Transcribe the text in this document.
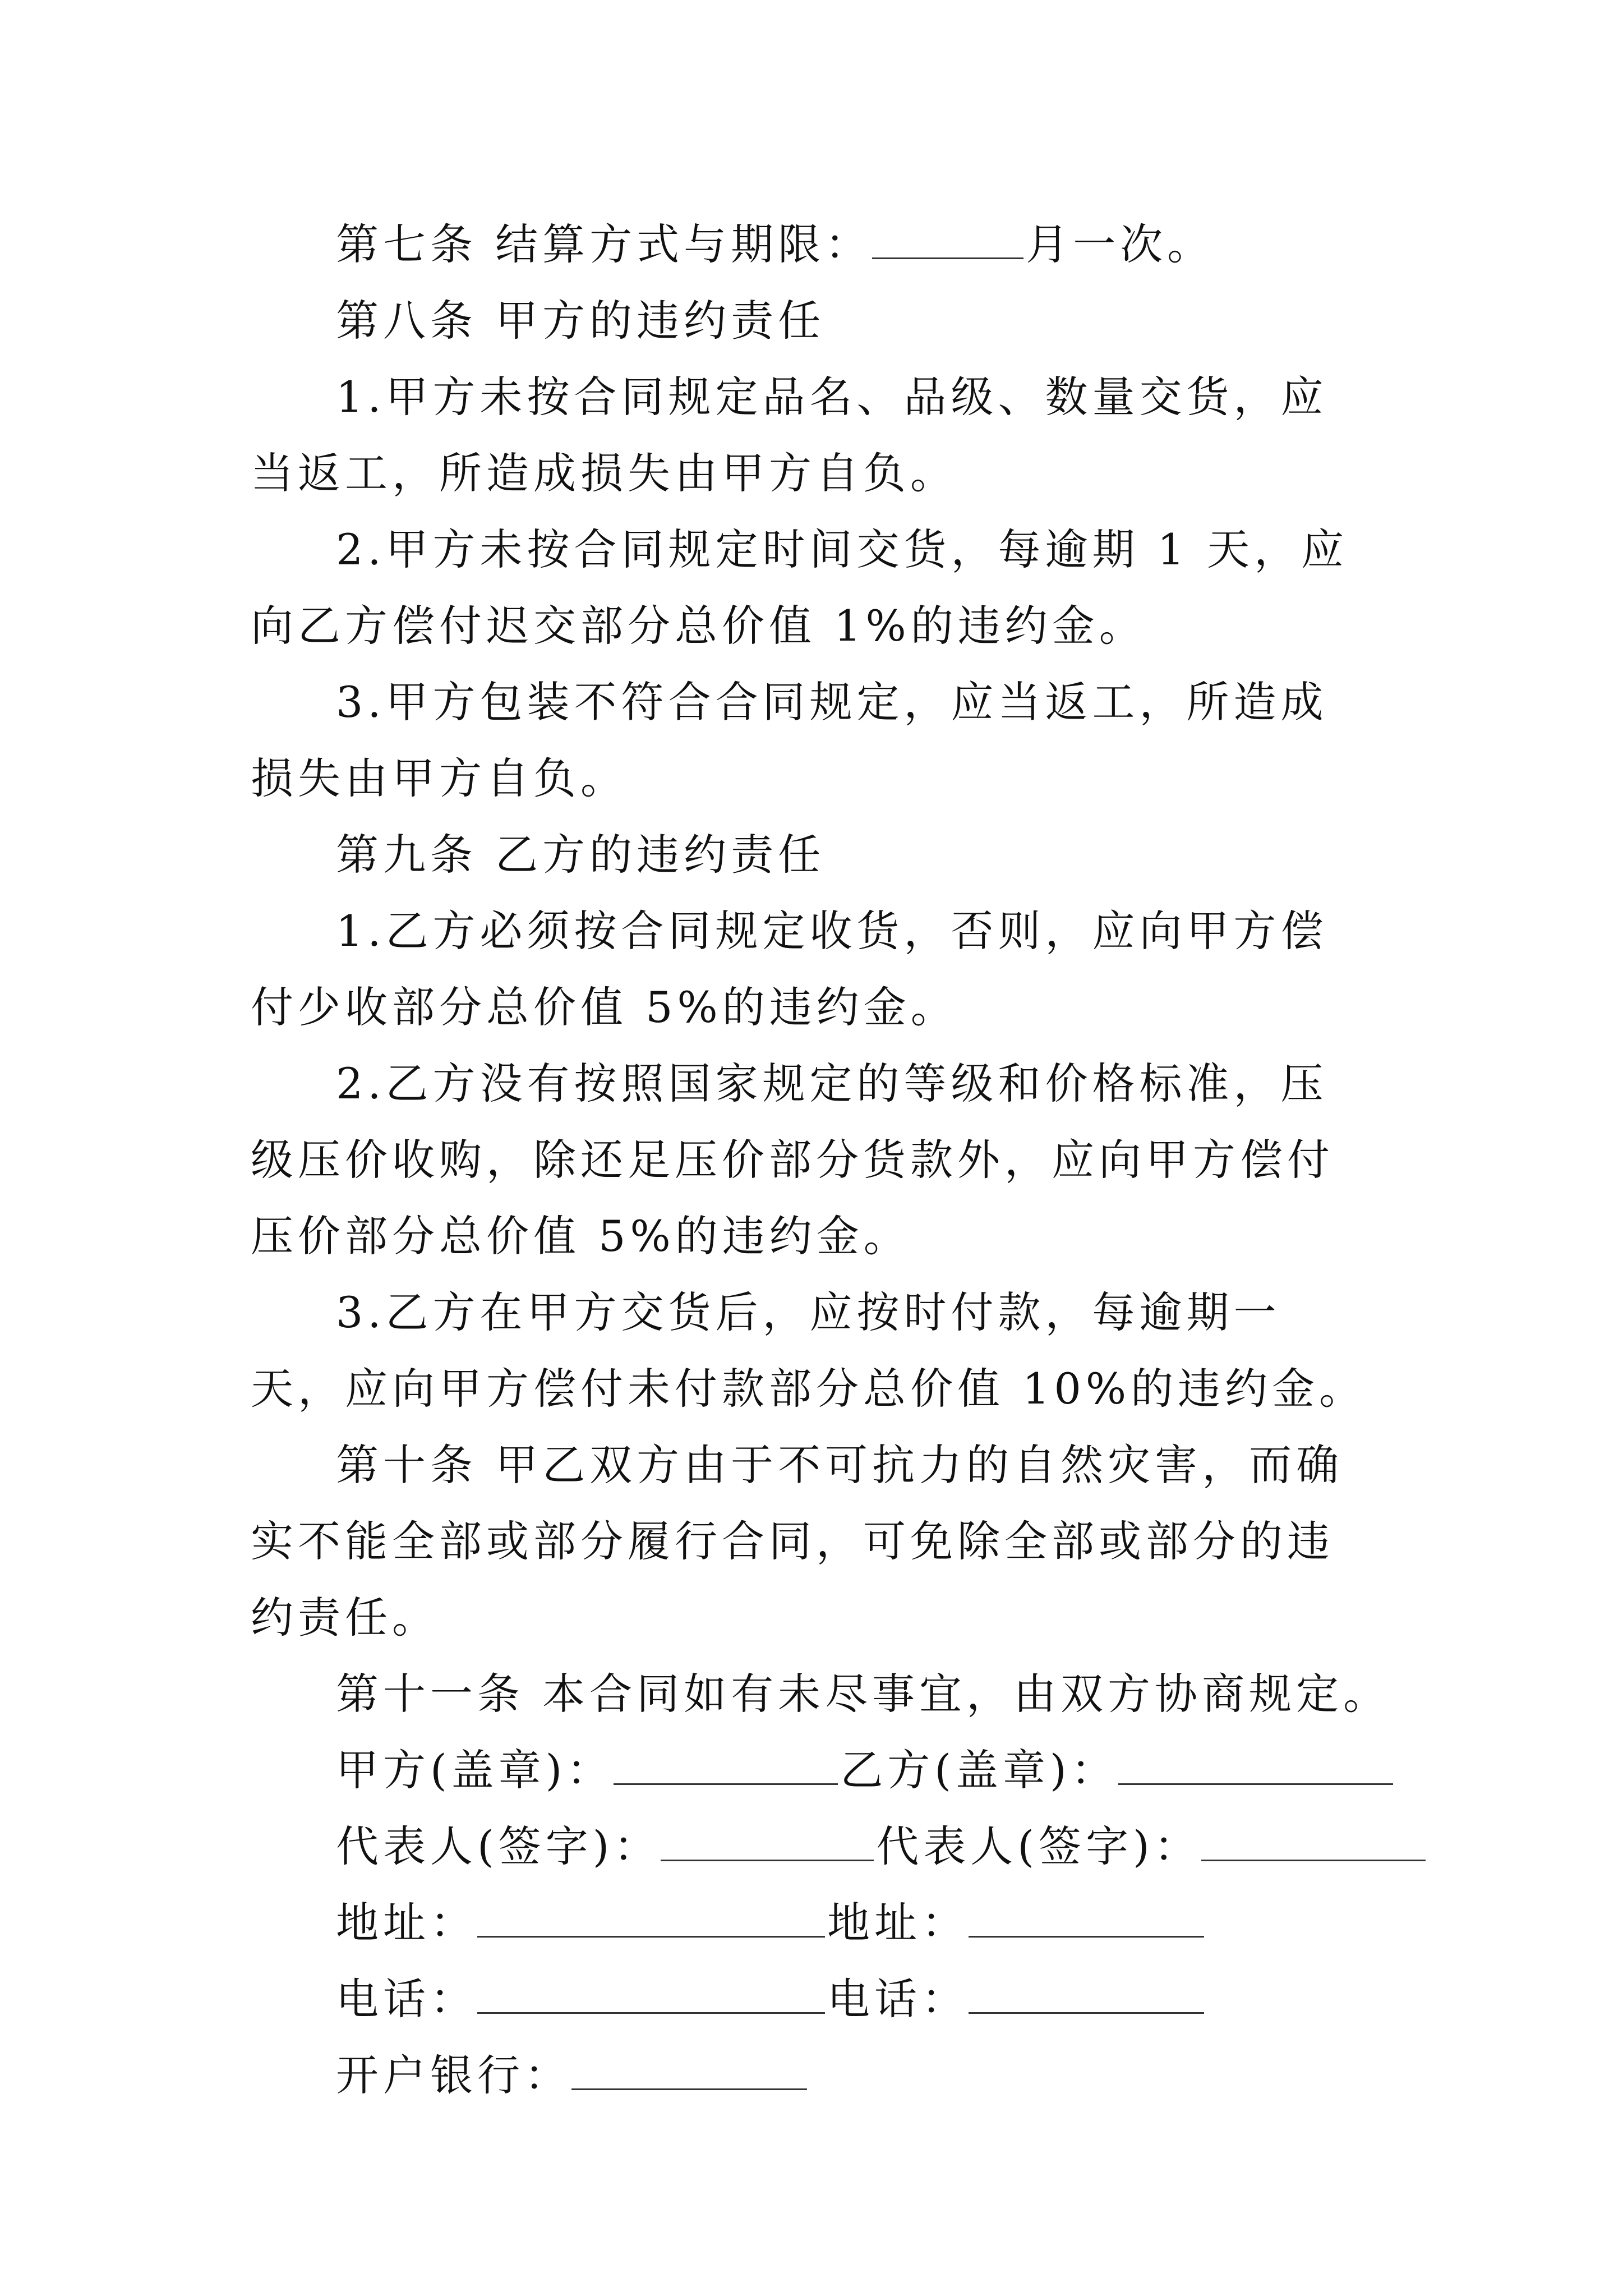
第七条 结算方式与期限：	月一次。

第八条 甲方的违约责任

1.甲方未按合同规定品名、品级、数量交货，应当返工，所造成损失由甲方自负。

2.甲方未按合同规定时间交货，每逾期 1 天，应向乙方偿付迟交部分总价值 1%的违约金。

3.甲方包装不符合合同规定，应当返工，所造成损失由甲方自负。

第九条 乙方的违约责任

1.乙方必须按合同规定收货，否则，应向甲方偿付少收部分总价值 5%的违约金。

2.乙方没有按照国家规定的等级和价格标准，压级压价收购，除还足压价部分货款外，应向甲方偿付压价部分总价值 5%的违约金。

3.乙方在甲方交货后，应按时付款，每逾期一天，应向甲方偿付未付款部分总价值 10%的违约金。

第十条 甲乙双方由于不可抗力的自然灾害，而确实不能全部或部分履行合同，可免除全部或部分的违约责任。

第十一条 本合同如有未尽事宜，由双方协商规定。

甲方(盖章)：	乙方(盖章)：

代表人(签字)：	代表人(签字)：

地址：	地址：

电话：	电话：

开户银行：
